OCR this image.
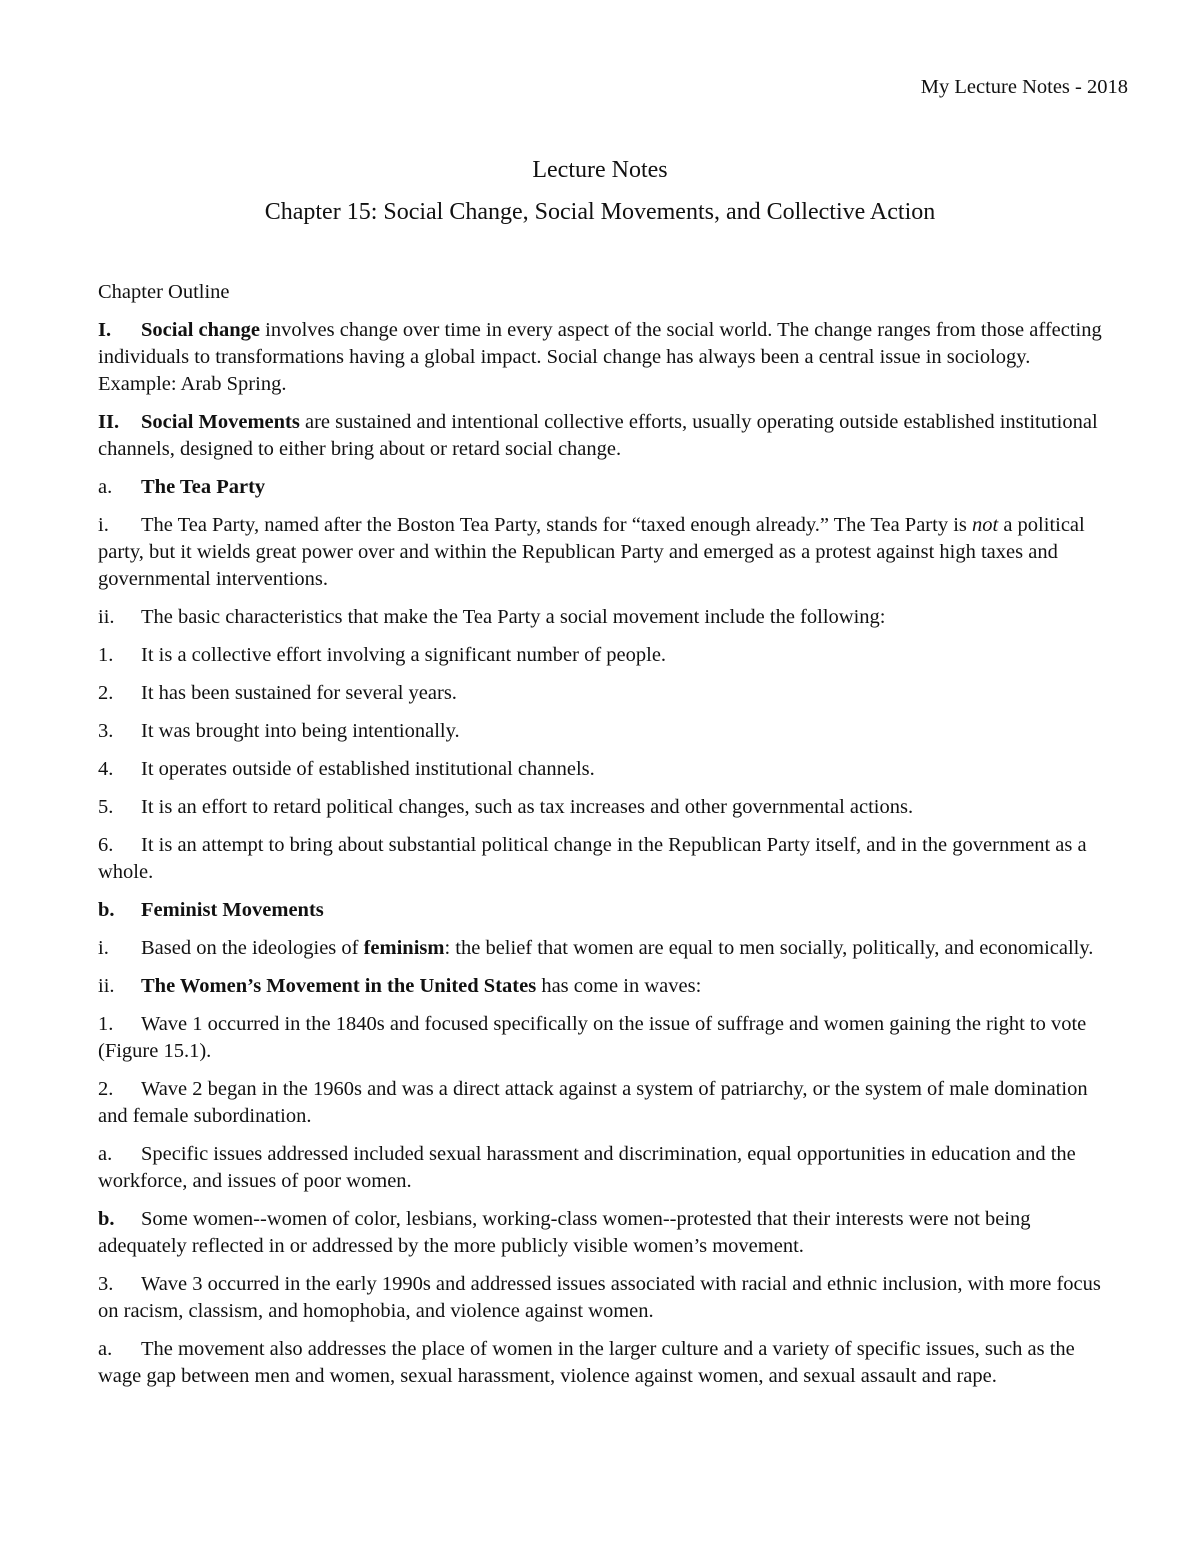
My Lecture Notes - 2018
Lecture Notes
Chapter 15: Social Change, Social Movements, and Collective Action
Chapter Outline
I. Social change involves change over time in every aspect of the social world. The change ranges from those affecting individuals to transformations having a global impact. Social change has always been a central issue in sociology. Example: Arab Spring.
II. Social Movements are sustained and intentional collective efforts, usually operating outside established institutional channels, designed to either bring about or retard social change.
a. The Tea Party
i. The Tea Party, named after the Boston Tea Party, stands for “taxed enough already.” The Tea Party is not a political party, but it wields great power over and within the Republican Party and emerged as a protest against high taxes and governmental interventions.
ii. The basic characteristics that make the Tea Party a social movement include the following:
1. It is a collective effort involving a significant number of people.
2. It has been sustained for several years.
3. It was brought into being intentionally.
4. It operates outside of established institutional channels.
5. It is an effort to retard political changes, such as tax increases and other governmental actions.
6. It is an attempt to bring about substantial political change in the Republican Party itself, and in the government as a whole.
b. Feminist Movements
i. Based on the ideologies of feminism: the belief that women are equal to men socially, politically, and economically.
ii. The Women’s Movement in the United States has come in waves:
1. Wave 1 occurred in the 1840s and focused specifically on the issue of suffrage and women gaining the right to vote (Figure 15.1).
2. Wave 2 began in the 1960s and was a direct attack against a system of patriarchy, or the system of male domination and female subordination.
a. Specific issues addressed included sexual harassment and discrimination, equal opportunities in education and the workforce, and issues of poor women.
b. Some women--women of color, lesbians, working-class women--protested that their interests were not being adequately reflected in or addressed by the more publicly visible women’s movement.
3. Wave 3 occurred in the early 1990s and addressed issues associated with racial and ethnic inclusion, with more focus on racism, classism, and homophobia, and violence against women.
a. The movement also addresses the place of women in the larger culture and a variety of specific issues, such as the wage gap between men and women, sexual harassment, violence against women, and sexual assault and rape.
